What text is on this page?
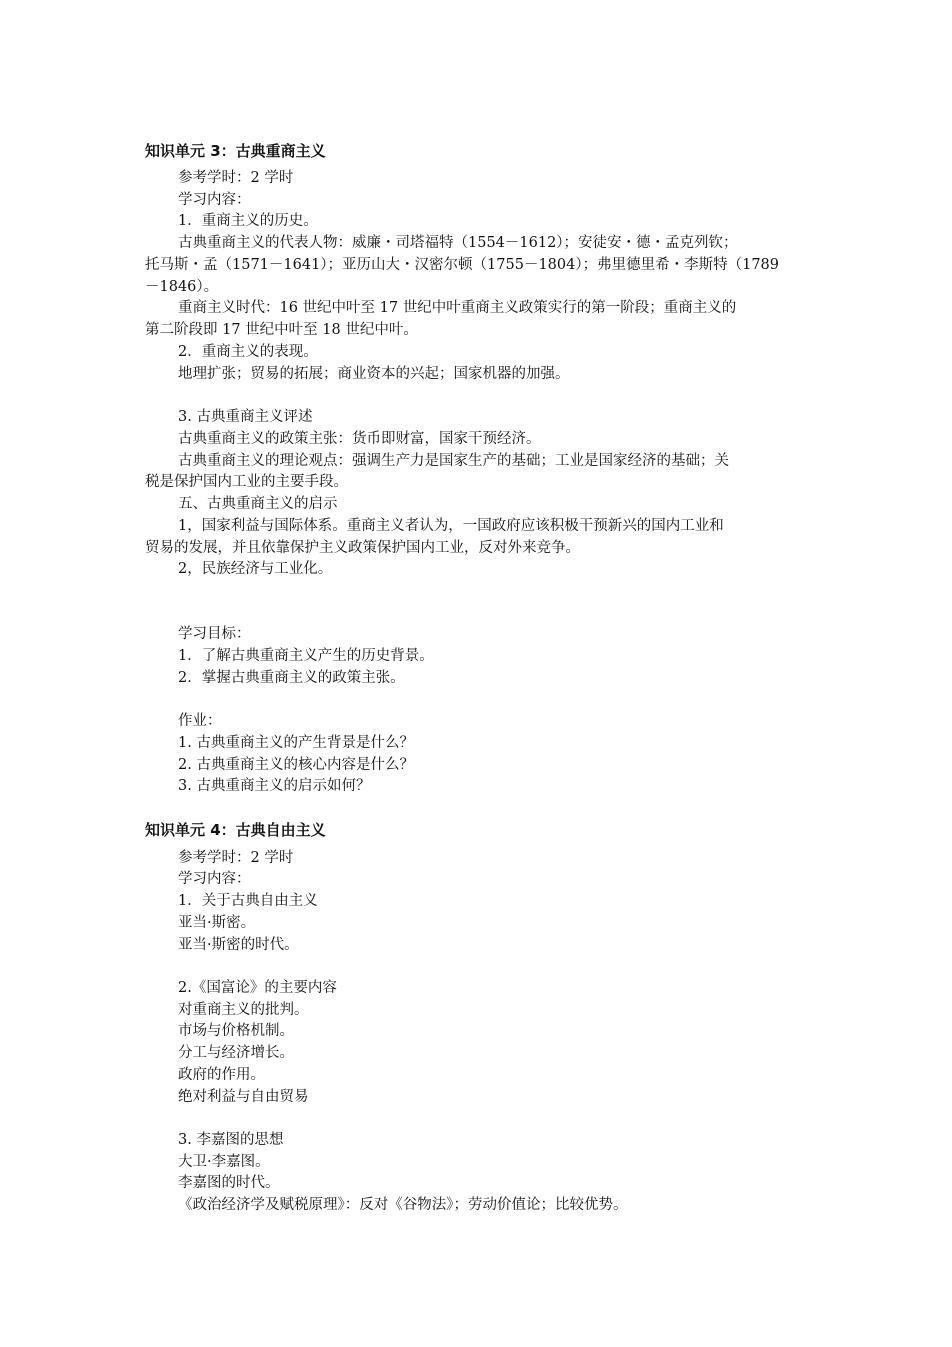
知识单元 3：古典重商主义
参考学时：2 学时
学习内容：
1．重商主义的历史。
古典重商主义的代表人物：威廉・司塔福特（1554－1612）；安徒安・德・孟克列钦；
托马斯・孟（1571－1641）；亚历山大・汉密尔顿（1755－1804）；弗里德里希・李斯特（1789
－1846）。
重商主义时代：16 世纪中叶至 17 世纪中叶重商主义政策实行的第一阶段；重商主义的
第二阶段即 17 世纪中叶至 18 世纪中叶。
2．重商主义的表现。
地理扩张；贸易的拓展；商业资本的兴起；国家机器的加强。
3. 古典重商主义评述
古典重商主义的政策主张：货币即财富，国家干预经济。
古典重商主义的理论观点：强调生产力是国家生产的基础；工业是国家经济的基础；关
税是保护国内工业的主要手段。
五、古典重商主义的启示
1，国家利益与国际体系。重商主义者认为，一国政府应该积极干预新兴的国内工业和
贸易的发展，并且依靠保护主义政策保护国内工业，反对外来竞争。
2，民族经济与工业化。
学习目标：
1．了解古典重商主义产生的历史背景。
2．掌握古典重商主义的政策主张。
作业：
1. 古典重商主义的产生背景是什么？
2. 古典重商主义的核心内容是什么？
3. 古典重商主义的启示如何？
知识单元 4：古典自由主义
参考学时：2 学时
学习内容：
1．关于古典自由主义
亚当·斯密。
亚当·斯密的时代。
2.《国富论》的主要内容
对重商主义的批判。
市场与价格机制。
分工与经济增长。
政府的作用。
绝对利益与自由贸易
3. 李嘉图的思想
大卫·李嘉图。
李嘉图的时代。
《政治经济学及赋税原理》：反对《谷物法》；劳动价值论；比较优势。
